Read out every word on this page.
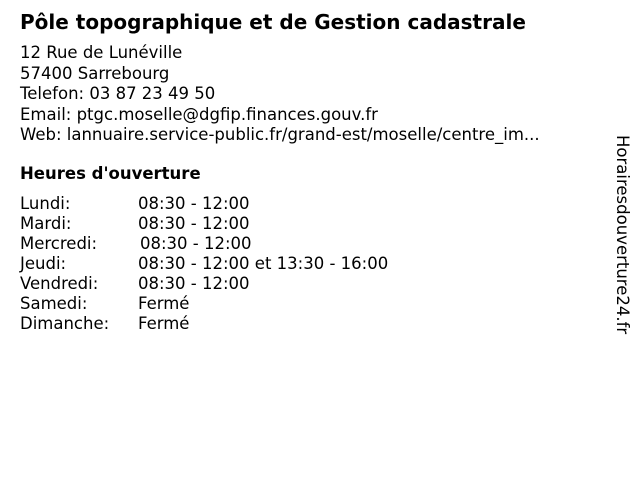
Pôle topographique et de Gestion cadastrale
12 Rue de Lunéville
57400 Sarrebourg
Telefon: 03 87 23 49 50
Email: ptgc.moselle@dgfip.finances.gouv.fr
Web: lannuaire.service-public.fr/grand-est/moselle/centre_im...
Heures d'ouverture
Lundi:	08:30 - 12:00
Mardi:	08:30 - 12:00
Mercredi:	08:30 - 12:00
Jeudi:	08:30 - 12:00 et 13:30 - 16:00
Vendredi: 08:30 - 12:00
Samedi:	Fermé
Dimanche: Fermé	Horairesdouverture24.fr
